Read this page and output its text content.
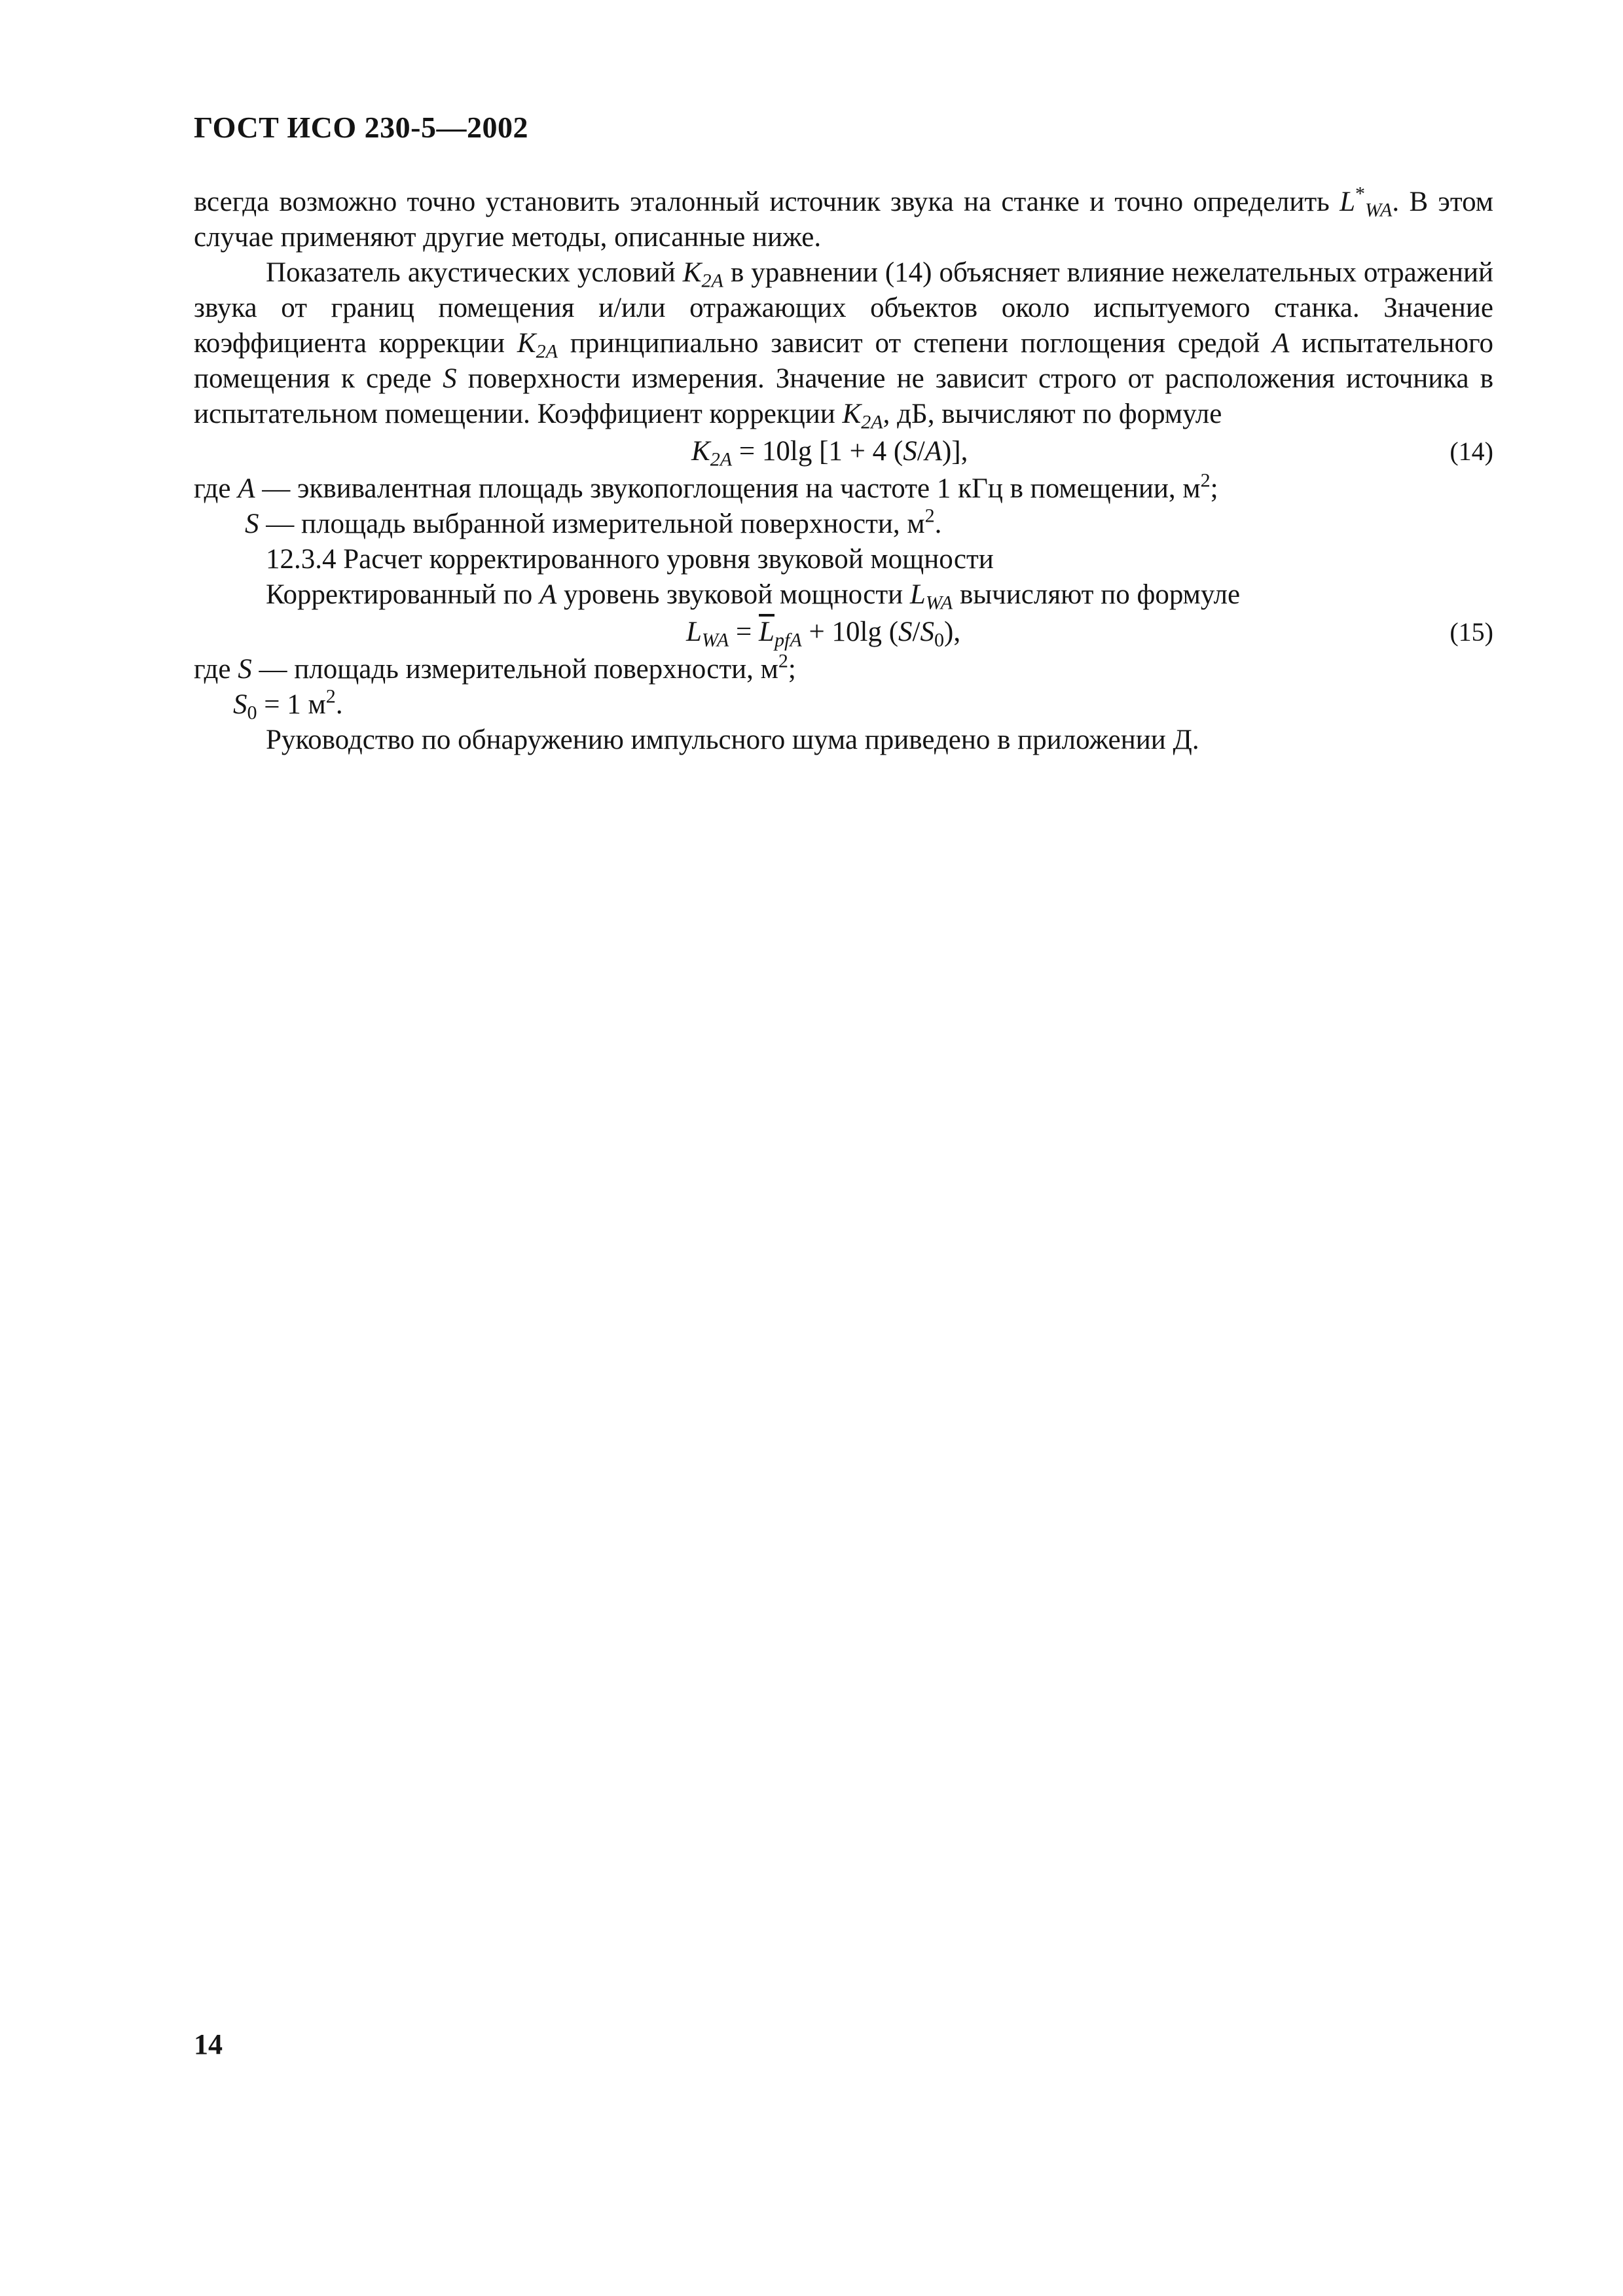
ГОСТ ИСО 230-5—2002

всегда возможно точно установить эталонный источник звука на станке и точно определить $L^*_{WA}$. В этом случае применяют другие методы, описанные ниже.

Показатель акустических условий $K_{2A}$ в уравнении (14) объясняет влияние нежелательных отражений звука от границ помещения и/или отражающих объектов около испытуемого станка. Значение коэффициента коррекции $K_{2A}$ принципиально зависит от степени поглощения средой A испытательного помещения к среде S поверхности измерения. Значение не зависит строго от расположения источника в испытательном помещении. Коэффициент коррекции $K_{2A}$, дБ, вычисляют по формуле

$K_{2A} = 10\lg$ [1 + 4 (S/A)],	(14)

где A — эквивалентная площадь звукопоглощения на частоте 1 кГц в помещении, $м^2$;

S — площадь выбранной измерительной поверхности, $м^2$.

12.3.4 Расчет корректированного уровня звуковой мощности

Корректированный по A уровень звуковой мощности $L_{WA}$ вычисляют по формуле

$L_{WA} = \overline{L}_{pfA} + 10\lg$ $(S/S_0)$,	(15)

где S — площадь измерительной поверхности, $м^2$;

$S_0 = 1$ $м^2$.

Руководство по обнаружению импульсного шума приведено в приложении Д.

14
